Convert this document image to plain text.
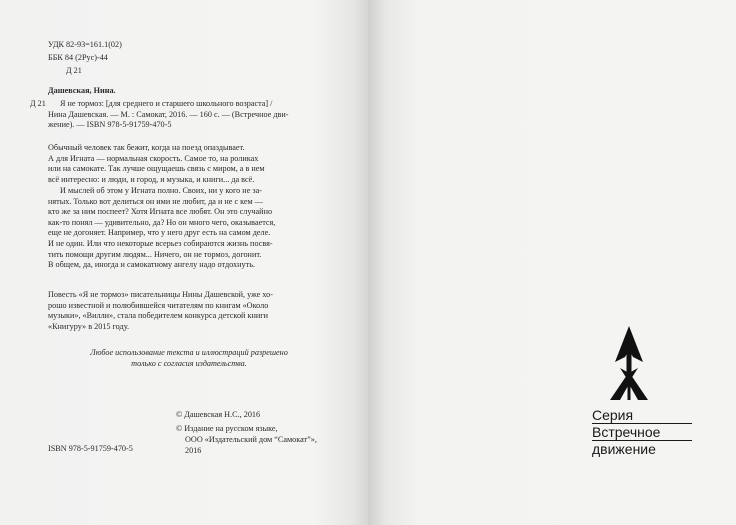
УДК 82-93=161.1(02)
ББК 84 (2Рус)-44
Д 21
Дашевская, Нина.
Д 21	Я не тормоз: [для среднего и старшего школьного возраста] /
Нина Дашевская. — М. : Самокат, 2016. — 160 с. — (Встречное дви-
жение). — ISBN 978-5-91759-470-5
Обычный человек так бежит, когда на поезд опаздывает.
А для Игната — нормальная скорость. Самое то, на роликах
или на самокате. Так лучше ощущаешь связь с миром, а в нем
всё интересно: и люди, и город, и музыка, и книги... да всё.
И мыслей об этом у Игната полно. Своих, ни у кого не за-
нятых. Только вот делиться он ими не любит, да и не с кем —
кто же за ним поспеет? Хотя Игната все любят. Он это случайно
как-то понял — удивительно, да? Но он много чего, оказывается,
еще не догоняет. Например, что у него друг есть на самом деле.
И не один. Или что некоторые всерьез собираются жизнь посвя-
тить помощи другим людям... Ничего, он не тормоз, догонит.
В общем, да, иногда и самокатному ангелу надо отдохнуть.
Повесть «Я не тормоз» писательницы Нины Дашевской, уже хо-
рошо известной и полюбившейся читателям по книгам «Около
музыки», «Вилли», стала победителем конкурса детской книги
«Книгуру» в 2015 году.
Любое использование текста и иллюстраций разрешено
только с согласия издательства.
© Дашевская Н.С., 2016
© Издание на русском языке,
ООО «Издательский дом “Самокат”»,
2016
ISBN 978-5-91759-470-5
Серия
Встречное
движение
